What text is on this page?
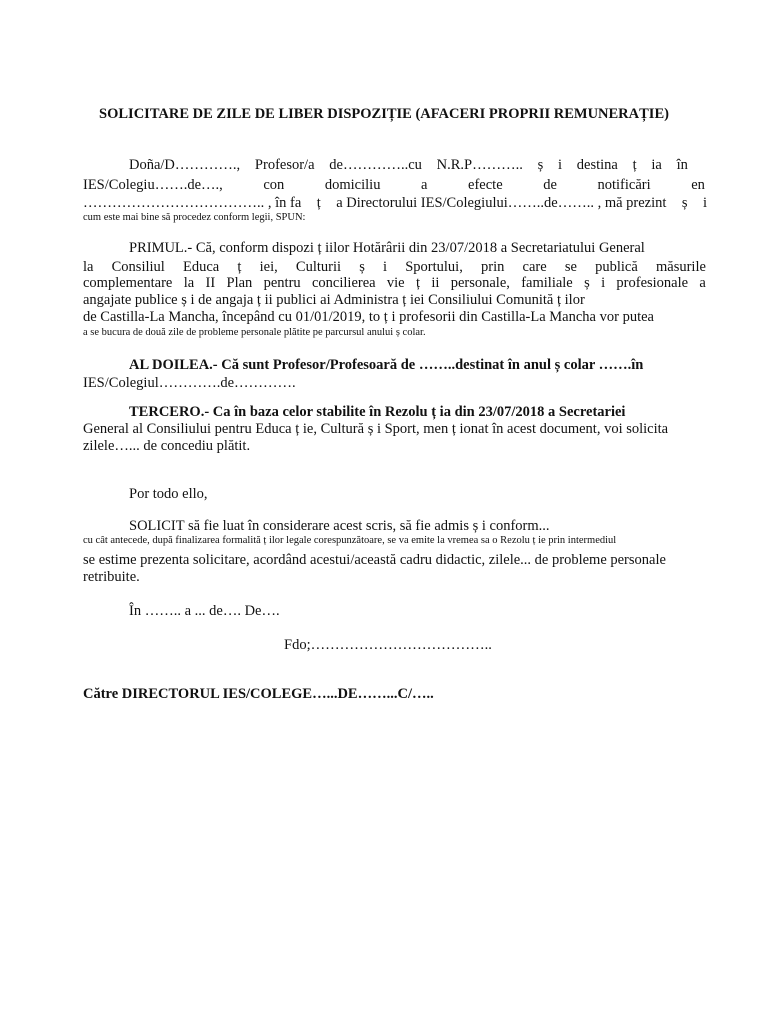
SOLICITARE DE ZILE DE LIBER DISPOZIȚIE (AFACERI PROPRII REMUNERAȚIE)
Doña/D…………., Profesor/a de…………..cu N.R.P……….. ș i destina ț ia în
IES/Colegiu…….de….,	con	domiciliu	a	efecte	de	notificări	en
……………………………….. , în fa ț a Directorului IES/Colegiului……..de…….. , mă prezint ș i
cum este mai bine să procedez conform legii, SPUN:
PRIMUL.- Că, conform dispozi ț iilor Hotărârii din 23/07/2018 a Secretariatului General
la Consiliul Educa ț iei, Culturii ș i Sportului, prin care se publică măsurile
complementare la II Plan pentru concilierea vie ț ii personale, familiale ș i profesionale a
angajate publice ș i de angaja ț ii publici ai Administra ț iei Consiliului Comunită ț ilor
de Castilla-La Mancha, începând cu 01/01/2019, to ț i profesorii din Castilla-La Mancha vor putea
a se bucura de două zile de probleme personale plătite pe parcursul anului ș colar.
AL DOILEA.- Că sunt Profesor/Profesoară de ……..destinat în anul ș colar …….în
IES/Colegiul………….de………….
TERCERO.- Ca în baza celor stabilite în Rezolu ț ia din 23/07/2018 a Secretariei
General al Consiliului pentru Educa ț ie, Cultură ș i Sport, men ț ionat în acest document, voi solicita
zilele…... de concediu plătit.
Por todo ello,
SOLICIT să fie luat în considerare acest scris, să fie admis ș i conform...
cu cât antecede, după finalizarea formalită ț ilor legale corespunzătoare, se va emite la vremea sa o Rezolu ț ie prin intermediul
se estime prezenta solicitare, acordând acestui/această cadru didactic, zilele... de probleme personale
retribuite.
În …….. a ... de…. De….
Fdo;………………………………..
Către DIRECTORUL IES/COLEGE…...DE……...C/…..
